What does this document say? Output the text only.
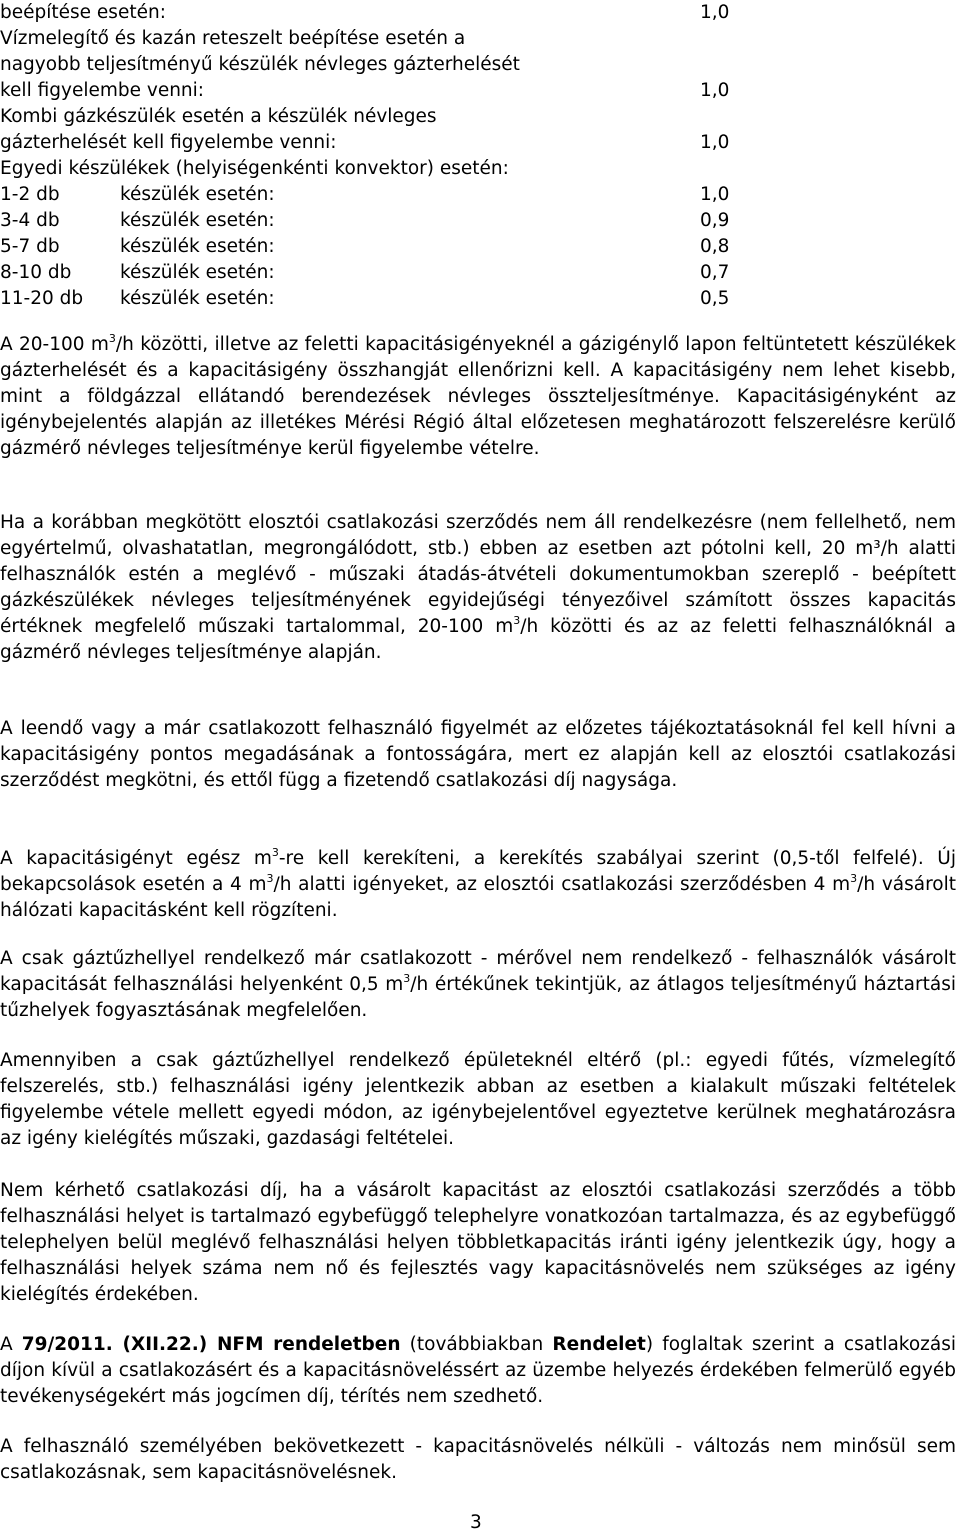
beépítése esetén:	1,0
Vízmelegítő és kazán reteszelt beépítése esetén a
nagyobb teljesítményű készülék névleges gázterhelését
kell figyelembe venni:	1,0
Kombi gázkészülék esetén a készülék névleges
gázterhelését kell figyelembe venni:	1,0
Egyedi készülékek (helyiségenkénti konvektor) esetén:
1-2 db	készülék esetén:	1,0
3-4 db	készülék esetén:	0,9
5-7 db	készülék esetén:	0,8
8-10 db	készülék esetén:	0,7
11-20 db készülék esetén:	0,5
A 20-100 $m^3/h$ közötti, illetve az feletti kapacitásigényeknél a gázigénylő lapon feltüntetett készülékek gázterhelését és a kapacitásigény összhangját ellenőrizni kell. A kapacitásigény nem lehet kisebb, mint a földgázzal ellátandó berendezések névleges összteljesítménye. Kapacitásigényként az igénybejelentés alapján az illetékes Mérési Régió által előzetesen meghatározott felszerelésre kerülő gázmérő névleges teljesítménye kerül figyelembe vételre.
Ha a korábban megkötött elosztói csatlakozási szerződés nem áll rendelkezésre (nem fellelhető, nem egyértelmű, olvashatatlan, megrongálódott, stb.) ebben az esetben azt pótolni kell, 20 m³/h alatti felhasználók estén a meglévő - műszaki átadás-átvételi dokumentumokban szereplő - beépített gázkészülékek névleges teljesítményének egyidejűségi tényezőivel számított összes kapacitás értéknek megfelelő műszaki tartalommal, 20-100 $m^3/h$ közötti és az az feletti felhasználóknál a gázmérő névleges teljesítménye alapján.
A leendő vagy a már csatlakozott felhasználó figyelmét az előzetes tájékoztatásoknál fel kell hívni a kapacitásigény pontos megadásának a fontosságára, mert ez alapján kell az elosztói csatlakozási szerződést megkötni, és ettől függ a fizetendő csatlakozási díj nagysága.
A kapacitásigényt egész $m^3-re$ kell kerekíteni, a kerekítés szabályai szerint (0,5-től felfelé). Új bekapcsolások esetén a 4 $m^3/h$ alatti igényeket, az elosztói csatlakozási szerződésben 4 $m^3/h$ vásárolt hálózati kapacitásként kell rögzíteni.
A csak gáztűzhellyel rendelkező már csatlakozott - mérővel nem rendelkező - felhasználók vásárolt kapacitását felhasználási helyenként 0,5 $m^3/h$ értékűnek tekintjük, az átlagos teljesítményű háztartási tűzhelyek fogyasztásának megfelelően.
Amennyiben a csak gáztűzhellyel rendelkező épületeknél eltérő (pl.: egyedi fűtés, vízmelegítő felszerelés, stb.) felhasználási igény jelentkezik abban az esetben a kialakult műszaki feltételek figyelembe vétele mellett egyedi módon, az igénybejelentővel egyeztetve kerülnek meghatározásra az igény kielégítés műszaki, gazdasági feltételei.
Nem kérhető csatlakozási díj, ha a vásárolt kapacitást az elosztói csatlakozási szerződés a több felhasználási helyet is tartalmazó egybefüggő telephelyre vonatkozóan tartalmazza, és az egybefüggő telephelyen belül meglévő felhasználási helyen többletkapacitás iránti igény jelentkezik úgy, hogy a felhasználási helyek száma nem nő és fejlesztés vagy kapacitásnövelés nem szükséges az igény kielégítés érdekében.
A 79/2011. (XII.22.) NFM rendeletben (továbbiakban Rendelet) foglaltak szerint a csatlakozási díjon kívül a csatlakozásért és a kapacitásnöveléssért az üzembe helyezés érdekében felmerülő egyéb tevékenységekért más jogcímen díj, térítés nem szedhető.
A felhasználó személyében bekövetkezett - kapacitásnövelés nélküli - változás nem minősül sem csatlakozásnak, sem kapacitásnövelésnek.
3
